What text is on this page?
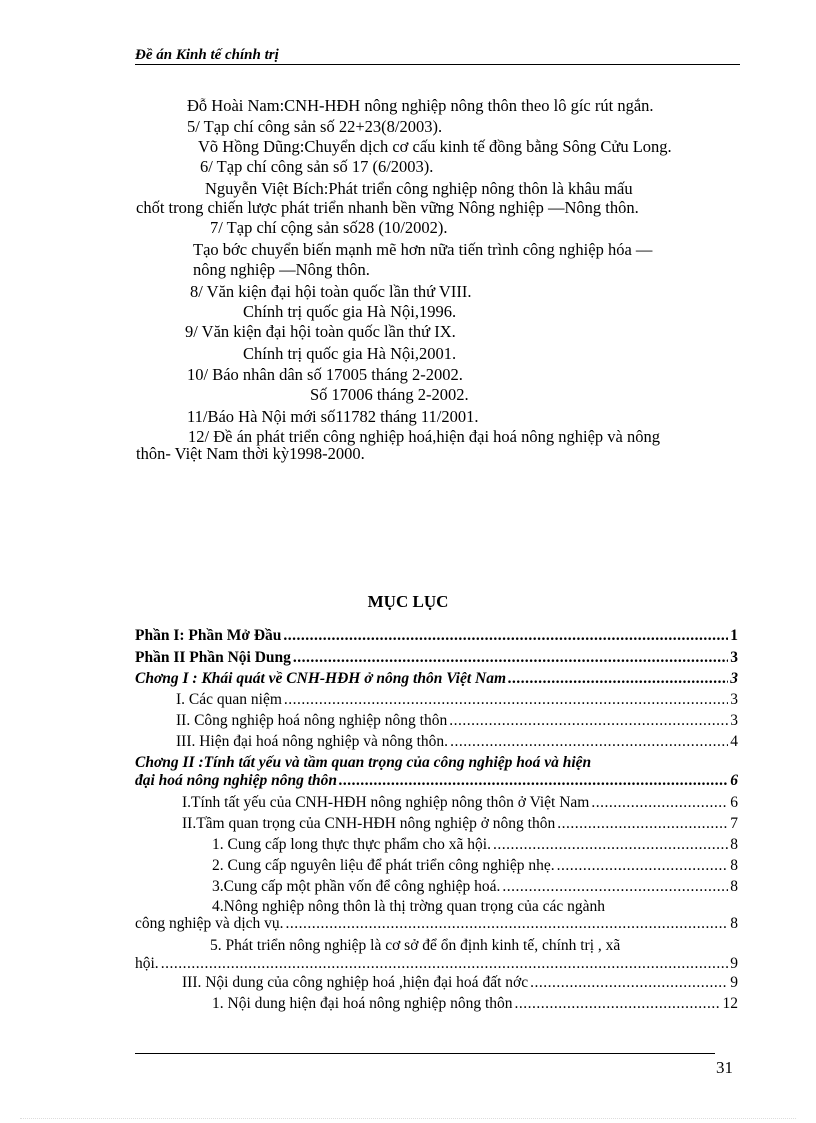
Đề án Kinh tế chính trị
Đỗ Hoài Nam:CNH-HĐH nông nghiệp nông thôn theo lô gíc rút ngắn.
5/ Tạp chí công sản số 22+23(8/2003).
Võ Hồng Dũng:Chuyển dịch cơ cấu kinh tế đồng bằng Sông Cửu Long.
6/ Tạp chí công sản số 17 (6/2003).
Nguyễn Việt Bích:Phát triển công nghiệp nông thôn là khâu mấu
chốt trong chiến lược phát triển nhanh bền vững Nông nghiệp —Nông thôn.
7/ Tạp chí cộng sản số28 (10/2002).
Tạo bớc chuyển biến mạnh mẽ hơn nữa tiến trình công nghiệp hóa —
nông nghiệp —Nông thôn.
8/ Văn kiện đại hội toàn quốc lần thứ VIII.
Chính trị quốc gia Hà Nội,1996.
9/ Văn kiện đại hội toàn quốc lần thứ IX.
Chính trị quốc gia Hà Nội,2001.
10/ Báo nhân dân số 17005 tháng 2-2002.
Số 17006 tháng 2-2002.
11/Báo Hà Nội mới số11782 tháng 11/2001.
12/ Đề án phát triển công nghiệp hoá,hiện đại hoá nông nghiệp và nông
thôn- Việt Nam thời kỳ1998-2000.
MỤC LỤC
Phần I: Phần Mở Đầu .....	1
Phần II Phần Nội Dung .....	3
Chơng I : Khái quát về CNH-HĐH ở nông thôn Việt Nam .....	3
I. Các quan niệm .....	3
II. Công nghiệp hoá nông nghiệp nông thôn .....	3
III. Hiện đại hoá nông nghiệp và nông thôn. .....	4
Chơng II :Tính tất yếu và tầm quan trọng của công nghiệp hoá và hiện
đại hoá nông nghiệp nông thôn .....	6
I.Tính tất yếu của CNH-HĐH nông nghiệp nông thôn ở Việt Nam .....	6
II.Tầm quan trọng của CNH-HĐH nông nghiệp ở nông thôn .....	7
1. Cung cấp long thực thực phẩm cho xã hội. .....	8
2. Cung cấp nguyên liệu để phát triển công nghiệp nhẹ. .....	8
3.Cung cấp một phần vốn để công nghiệp hoá. .....	8
4.Nông nghiệp nông thôn là thị trờng quan trọng của các ngành
công nghiệp và dịch vụ. .....	8
5. Phát triển nông nghiệp là cơ sở để ổn định kinh tế, chính trị , xã
hội. .....	9
III. Nội dung của công nghiệp hoá ,hiện đại hoá đất nớc .....	9
1. Nội dung hiện đại hoá nông nghiệp nông thôn .....	12
31
